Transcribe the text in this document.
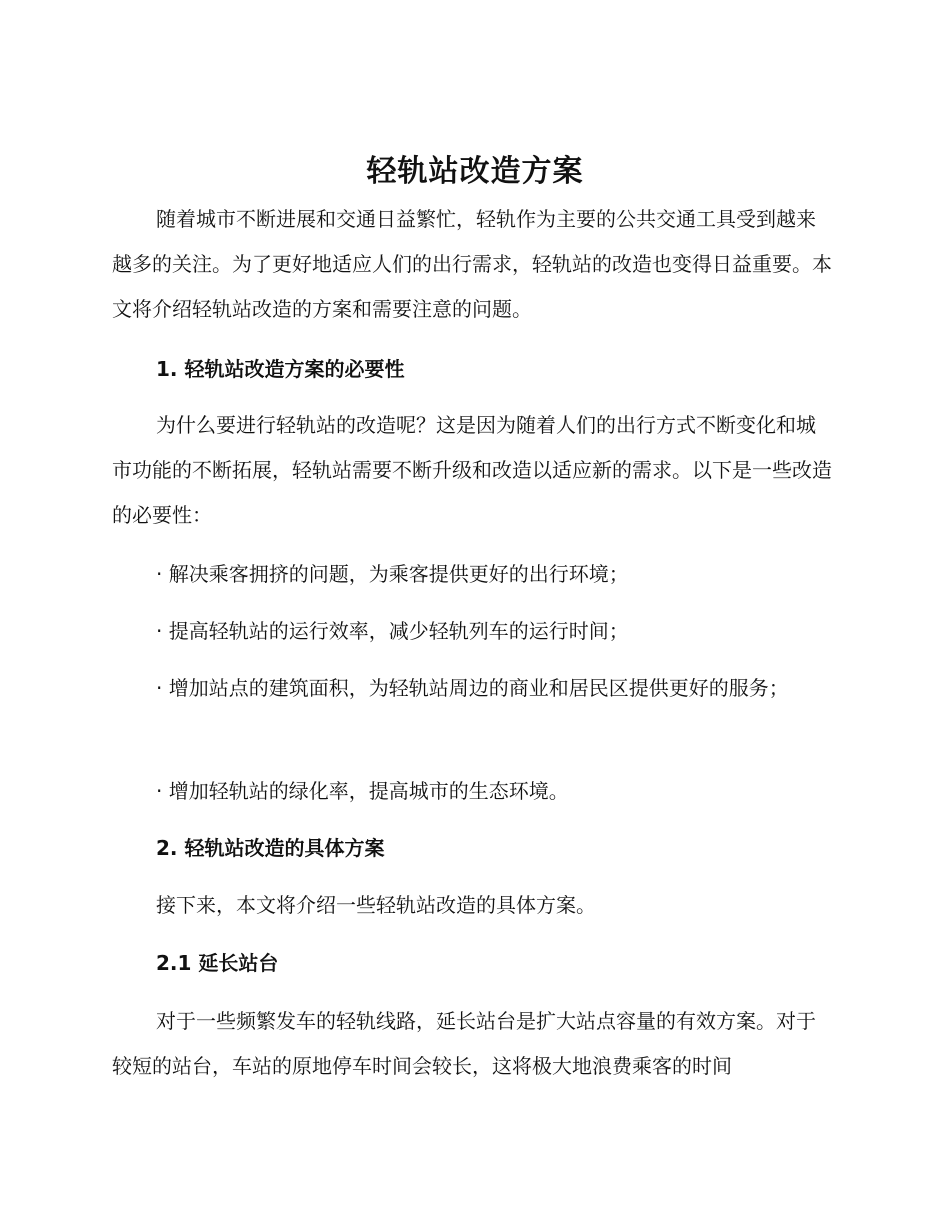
轻轨站改造方案
随着城市不断进展和交通日益繁忙，轻轨作为主要的公共交通工具受到越来越多的关注。为了更好地适应人们的出行需求，轻轨站的改造也变得日益重要。本文将介绍轻轨站改造的方案和需要注意的问题。
1. 轻轨站改造方案的必要性
为什么要进行轻轨站的改造呢？这是因为随着人们的出行方式不断变化和城市功能的不断拓展，轻轨站需要不断升级和改造以适应新的需求。以下是一些改造的必要性：
· 解决乘客拥挤的问题，为乘客提供更好的出行环境；
· 提高轻轨站的运行效率，减少轻轨列车的运行时间；
· 增加站点的建筑面积，为轻轨站周边的商业和居民区提供更好的服务；
· 增加轻轨站的绿化率，提高城市的生态环境。
2. 轻轨站改造的具体方案
接下来，本文将介绍一些轻轨站改造的具体方案。
2.1 延长站台
对于一些频繁发车的轻轨线路，延长站台是扩大站点容量的有效方案。对于较短的站台，车站的原地停车时间会较长，这将极大地浪费乘客的时间
